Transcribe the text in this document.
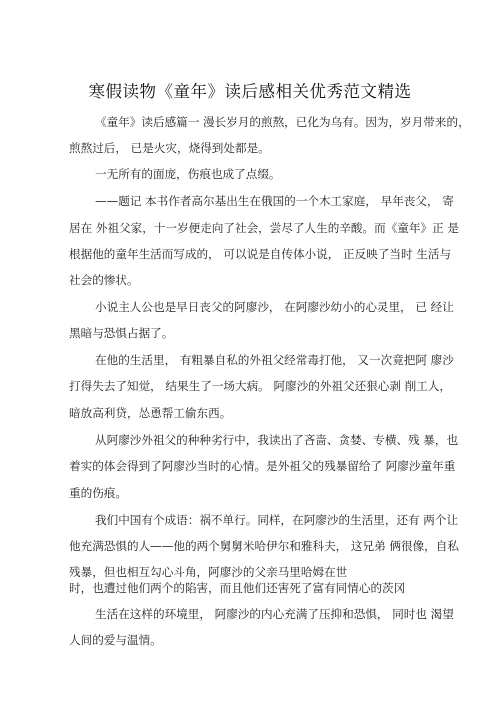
寒假读物《童年》读后感相关优秀范文精选
《童年》读后感篇一 漫长岁月的煎熬，已化为乌有。因为，岁月带来的，
煎熬过后， 已是火灾，烧得到处都是。
一无所有的面庞，伤痕也成了点缀。
——题记 本书作者高尔基出生在俄国的一个木工家庭， 早年丧父， 寄
居在 外祖父家，十一岁便走向了社会，尝尽了人生的辛酸。而《童年》正 是
根据他的童年生活而写成的， 可以说是自传体小说， 正反映了当时 生活与
社会的惨状。
小说主人公也是早日丧父的阿廖沙， 在阿廖沙幼小的心灵里， 已 经让
黑暗与恐惧占据了。
在他的生活里， 有粗暴自私的外祖父经常毒打他， 又一次竟把阿 廖沙
打得失去了知觉， 结果生了一场大病。 阿廖沙的外祖父还狠心剥 削工人，
暗放高利贷，怂恿帮工偷东西。
从阿廖沙外祖父的种种劣行中，我读出了吝啬、贪婪、专横、残 暴，也
着实的体会得到了阿廖沙当时的心情。是外祖父的残暴留给了 阿廖沙童年重
重的伤痕。
我们中国有个成语：祸不单行。同样，在阿廖沙的生活里，还有 两个让
他充满恐惧的人——他的两个舅舅米哈伊尔和雅科夫， 这兄弟 俩很像，自私
残暴，但也相互勾心斗角，阿廖沙的父亲马里哈姆在世
时，也遭过他们两个的陷害，而且他们还害死了富有同情心的茨冈
生活在这样的环境里， 阿廖沙的内心充满了压抑和恐惧， 同时也 渴望
人间的爱与温情。
